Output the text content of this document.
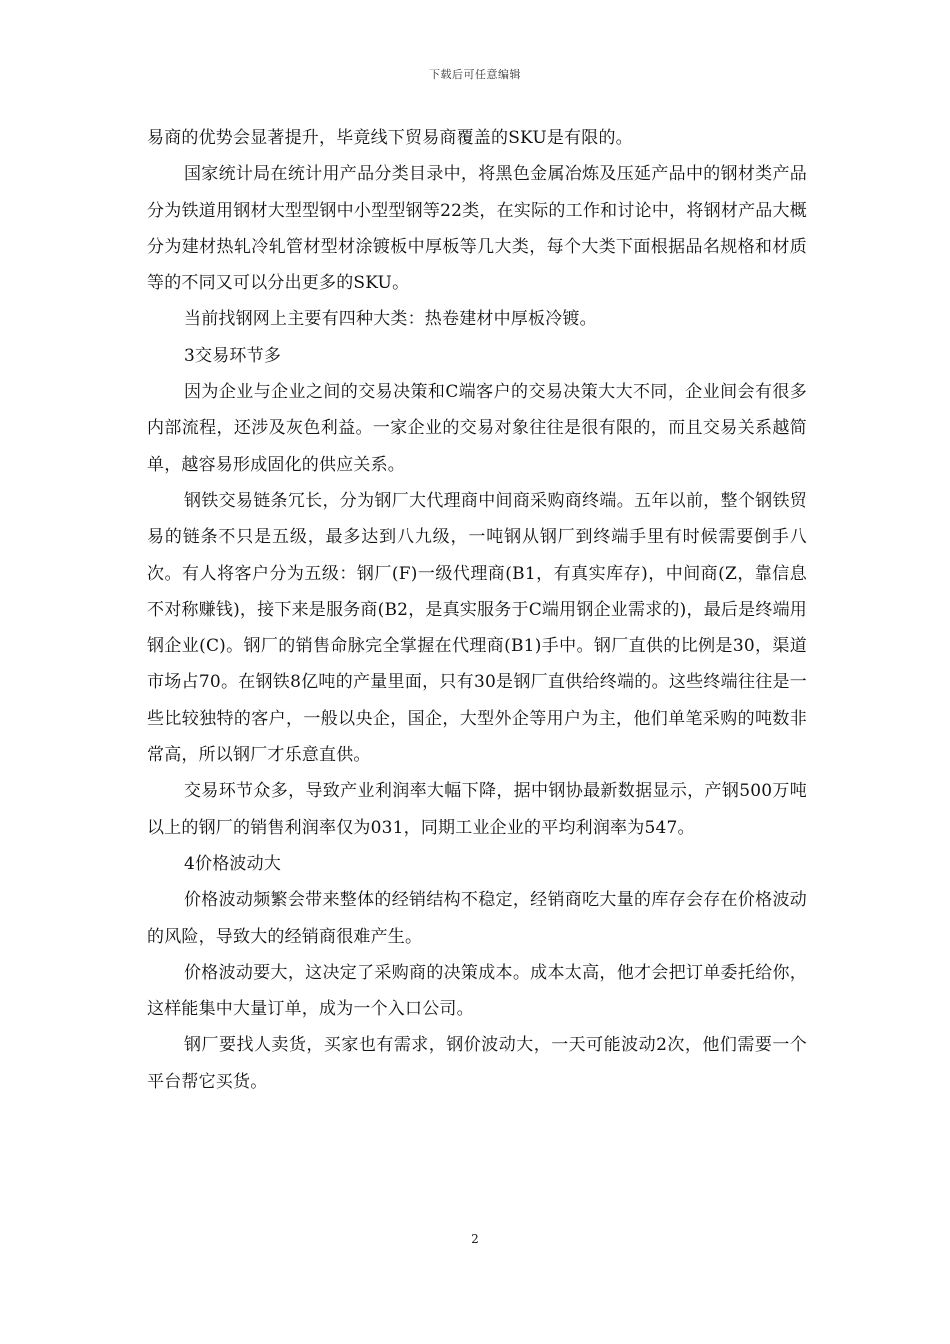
下载后可任意编辑

易商的优势会显著提升，毕竟线下贸易商覆盖的SKU是有限的。

国家统计局在统计用产品分类目录中，将黑色金属冶炼及压延产品中的钢材类产品分为铁道用钢材大型型钢中小型型钢等22类，在实际的工作和讨论中，将钢材产品大概分为建材热轧冷轧管材型材涂镀板中厚板等几大类，每个大类下面根据品名规格和材质等的不同又可以分出更多的SKU。

当前找钢网上主要有四种大类：热卷建材中厚板冷镀。

3交易环节多

因为企业与企业之间的交易决策和C端客户的交易决策大大不同，企业间会有很多内部流程，还涉及灰色利益。一家企业的交易对象往往是很有限的，而且交易关系越简单，越容易形成固化的供应关系。

钢铁交易链条冗长，分为钢厂大代理商中间商采购商终端。五年以前，整个钢铁贸易的链条不只是五级，最多达到八九级，一吨钢从钢厂到终端手里有时候需要倒手八次。有人将客户分为五级：钢厂(F)一级代理商(B1，有真实库存)，中间商(Z，靠信息不对称赚钱)，接下来是服务商(B2，是真实服务于C端用钢企业需求的)，最后是终端用钢企业(C)。钢厂的销售命脉完全掌握在代理商(B1)手中。钢厂直供的比例是30，渠道市场占70。在钢铁8亿吨的产量里面，只有30是钢厂直供给终端的。这些终端往往是一些比较独特的客户，一般以央企，国企，大型外企等用户为主，他们单笔采购的吨数非常高，所以钢厂才乐意直供。

交易环节众多，导致产业利润率大幅下降，据中钢协最新数据显示，产钢500万吨以上的钢厂的销售利润率仅为031，同期工业企业的平均利润率为547。

4价格波动大

价格波动频繁会带来整体的经销结构不稳定，经销商吃大量的库存会存在价格波动的风险，导致大的经销商很难产生。

价格波动要大，这决定了采购商的决策成本。成本太高，他才会把订单委托给你，这样能集中大量订单，成为一个入口公司。

钢厂要找人卖货，买家也有需求，钢价波动大，一天可能波动2次，他们需要一个平台帮它买货。

2
